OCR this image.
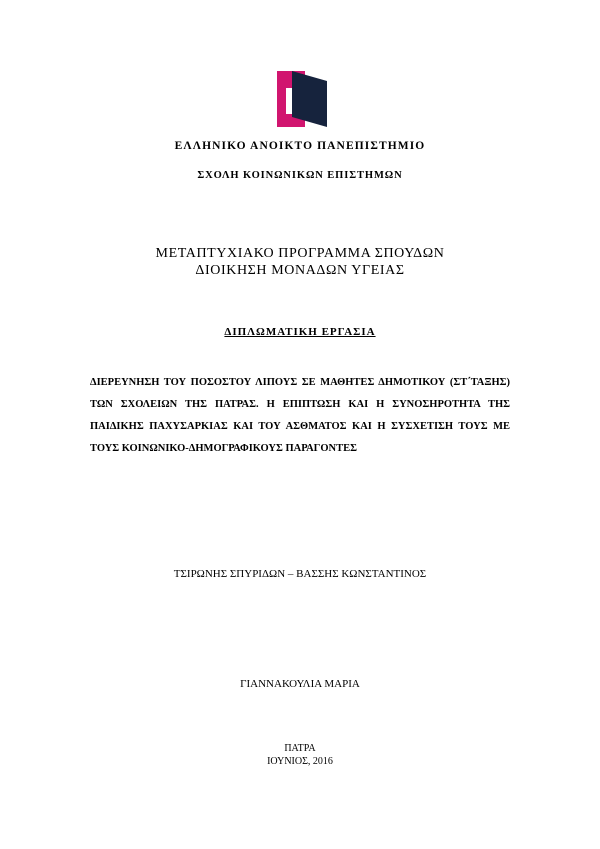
ΕΛΛΗΝΙΚΟ ΑΝΟΙΚΤΟ ΠΑΝΕΠΙΣΤΗΜΙΟ
ΣΧΟΛΗ ΚΟΙΝΩΝΙΚΩΝ ΕΠΙΣΤΗΜΩΝ
ΜΕΤΑΠΤΥΧΙΑΚΟ ΠΡΟΓΡΑΜΜΑ ΣΠΟΥΔΩΝ
ΔΙΟΙΚΗΣΗ ΜΟΝΑΔΩΝ ΥΓΕΙΑΣ
ΔΙΠΛΩΜΑΤΙΚΗ ΕΡΓΑΣΙΑ
ΔΙΕΡΕΥΝΗΣΗ ΤΟΥ ΠΟΣΟΣΤΟΥ ΛΙΠΟΥΣ ΣΕ ΜΑΘΗΤΕΣ ΔΗΜΟΤΙΚΟΥ (ΣΤ΄ΤΑΞΗΣ) ΤΩΝ ΣΧΟΛΕΙΩΝ ΤΗΣ ΠΑΤΡΑΣ. Η ΕΠΙΠΤΩΣΗ ΚΑΙ Η ΣΥΝΟΣΗΡΟΤΗΤΑ ΤΗΣ ΠΑΙΔΙΚΗΣ ΠΑΧΥΣΑΡΚΙΑΣ ΚΑΙ ΤΟΥ ΑΣΘΜΑΤΟΣ ΚΑΙ Η ΣΥΣΧΕΤΙΣΗ ΤΟΥΣ ΜΕ ΤΟΥΣ ΚΟΙΝΩΝΙΚΟ-ΔΗΜΟΓΡΑΦΙΚΟΥΣ ΠΑΡΑΓΟΝΤΕΣ
ΤΣΙΡΩΝΗΣ ΣΠΥΡΙΔΩΝ – ΒΑΣΣΗΣ ΚΩΝΣΤΑΝΤΙΝΟΣ
ΓΙΑΝΝΑΚΟΥΛΙΑ ΜΑΡΙΑ
ΠΑΤΡΑ
ΙΟΥΝΙΟΣ, 2016
